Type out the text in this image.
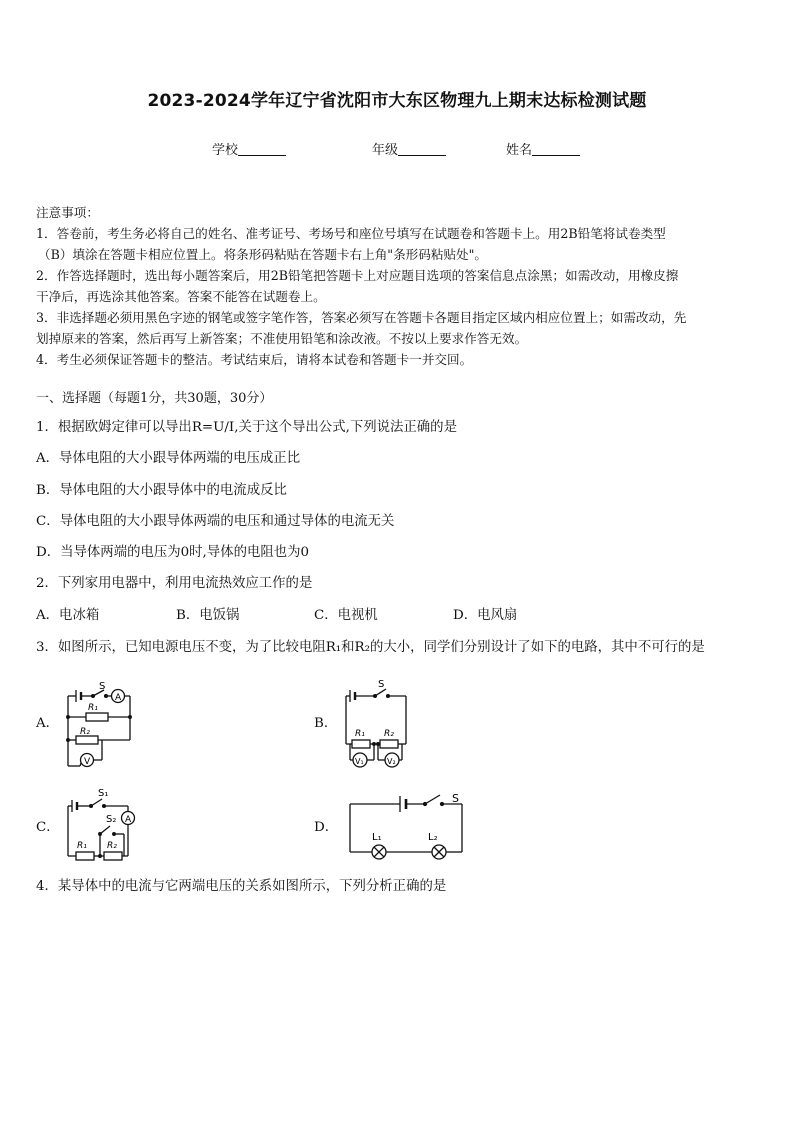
2023-2024学年辽宁省沈阳市大东区物理九上期末达标检测试题
学校	年级	姓名
注意事项：
1．答卷前，考生务必将自己的姓名、准考证号、考场号和座位号填写在试题卷和答题卡上。用2B铅笔将试卷类型
（B）填涂在答题卡相应位置上。将条形码粘贴在答题卡右上角"条形码粘贴处"。
2．作答选择题时，选出每小题答案后，用2B铅笔把答题卡上对应题目选项的答案信息点涂黑；如需改动，用橡皮擦
干净后，再选涂其他答案。答案不能答在试题卷上。
3．非选择题必须用黑色字迹的钢笔或签字笔作答，答案必须写在答题卡各题目指定区域内相应位置上；如需改动，先
划掉原来的答案，然后再写上新答案；不准使用铅笔和涂改液。不按以上要求作答无效。
4．考生必须保证答题卡的整洁。考试结束后，请将本试卷和答题卡一并交回。
一、选择题（每题1分，共30题，30分）
1．根据欧姆定律可以导出R=U/I,关于这个导出公式,下列说法正确的是
A．导体电阻的大小跟导体两端的电压成正比
B．导体电阻的大小跟导体中的电流成反比
C．导体电阻的大小跟导体两端的电压和通过导体的电流无关
D．当导体两端的电压为0时,导体的电阻也为0
2．下列家用电器中，利用电流热效应工作的是
A．电冰箱	B．电饭锅	C．电视机	D．电风扇
3．如图所示，已知电源电压不变，为了比较电阻R₁和R₂的大小，同学们分别设计了如下的电路，其中不可行的是
A．
S
A
R₁
R₂
V
B．
S
R₁ R₂
V₁	V₂
C．
S₁
S₂ A
R₁ R₂
D．
S
L₁	L₂
4．某导体中的电流与它两端电压的关系如图所示，下列分析正确的是
